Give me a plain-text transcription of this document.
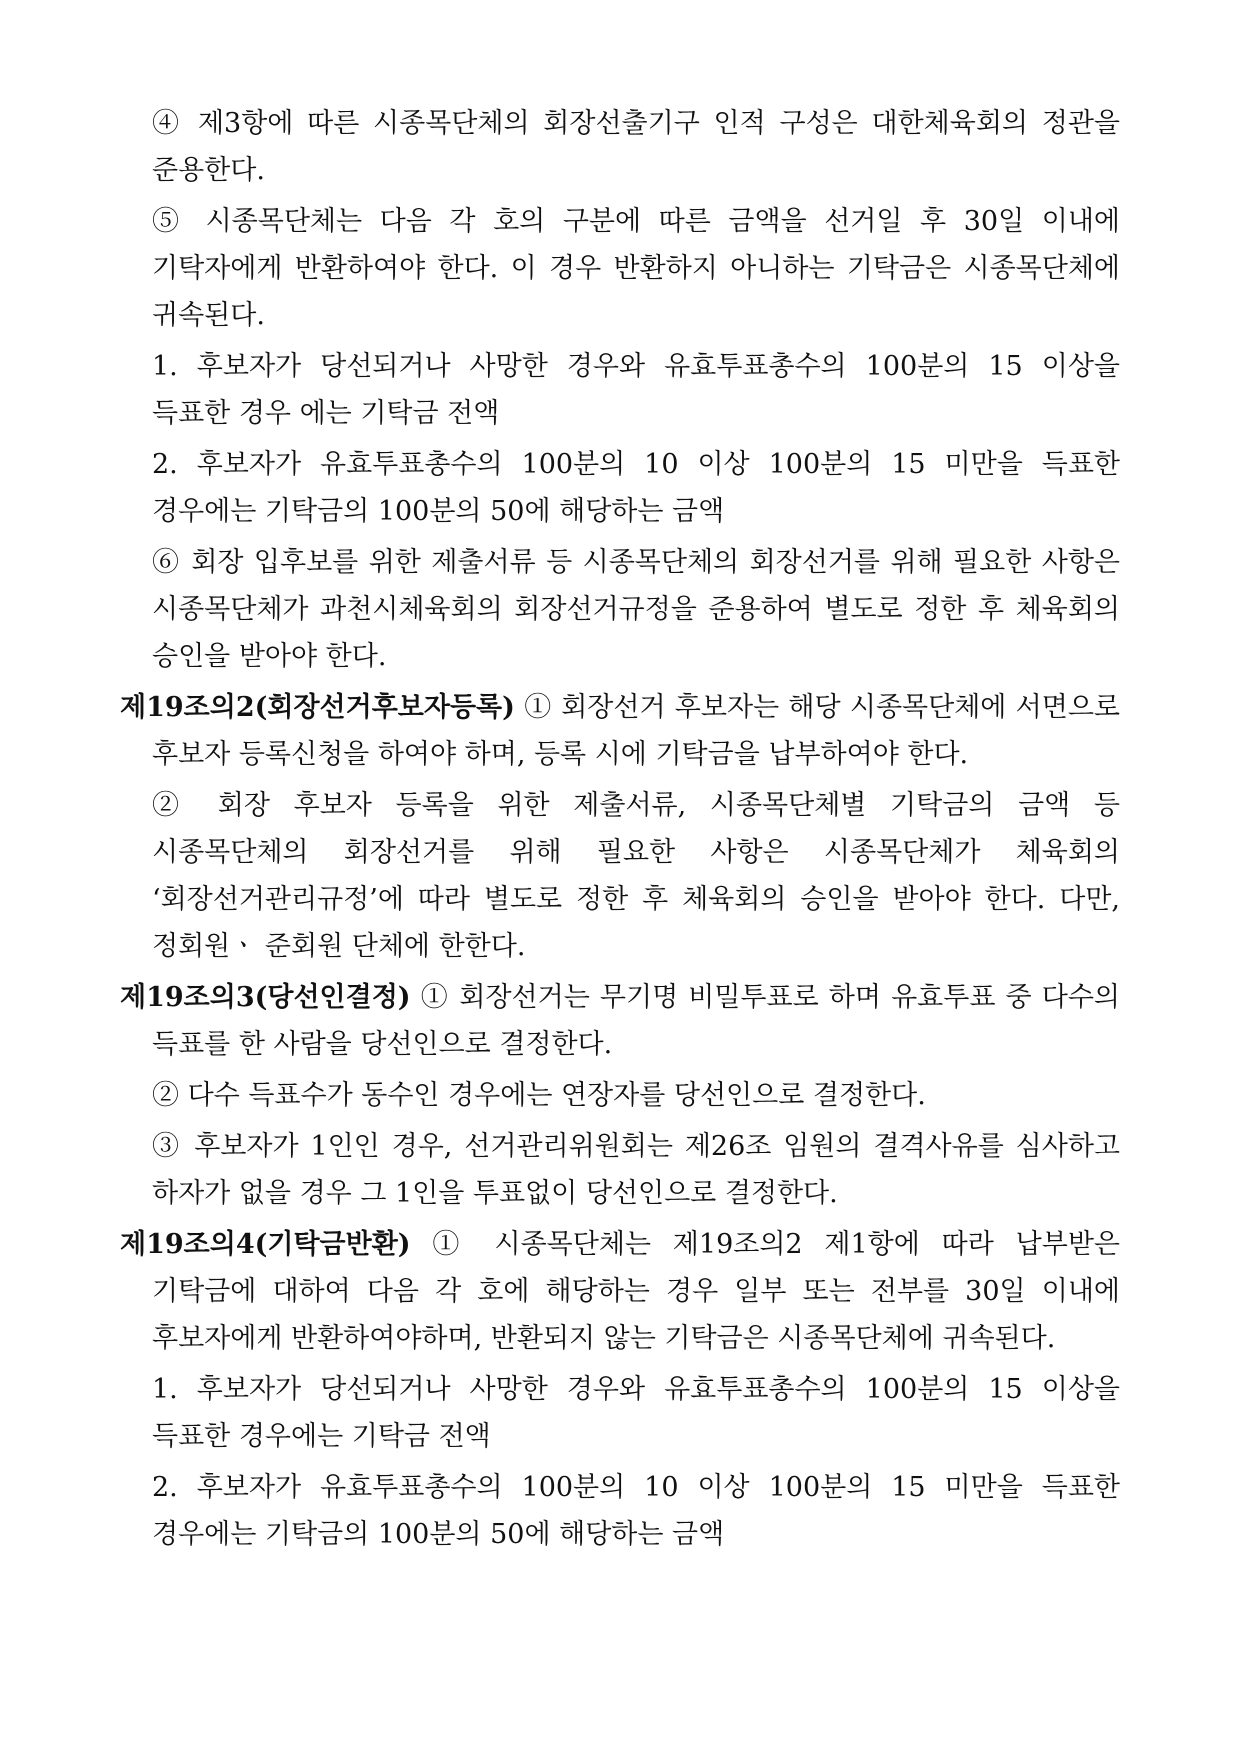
④ 제3항에 따른 시종목단체의 회장선출기구 인적 구성은 대한체육회의 정관을 준용한다.

⑤ 시종목단체는 다음 각 호의 구분에 따른 금액을 선거일 후 30일 이내에 기탁자에게 반환하여야 한다. 이 경우 반환하지 아니하는 기탁금은 시종목단체에 귀속된다.

1. 후보자가 당선되거나 사망한 경우와 유효투표총수의 100분의 15 이상을 득표한 경우 에는 기탁금 전액

2. 후보자가 유효투표총수의 100분의 10 이상 100분의 15 미만을 득표한 경우에는 기탁금의 100분의 50에 해당하는 금액

⑥ 회장 입후보를 위한 제출서류 등 시종목단체의 회장선거를 위해 필요한 사항은 시종목단체가 과천시체육회의 회장선거규정을 준용하여 별도로 정한 후 체육회의 승인을 받아야 한다.

제19조의2(회장선거후보자등록) ① 회장선거 후보자는 해당 시종목단체에 서면으로 후보자 등록신청을 하여야 하며, 등록 시에 기탁금을 납부하여야 한다.

② 회장 후보자 등록을 위한 제출서류, 시종목단체별 기탁금의 금액 등 시종목단체의 회장선거를 위해 필요한 사항은 시종목단체가 체육회의 ‘회장선거관리규정’에 따라 별도로 정한 후 체육회의 승인을 받아야 한다. 다만, 정회원ㆍ 준회원 단체에 한한다.

제19조의3(당선인결정) ① 회장선거는 무기명 비밀투표로 하며 유효투표 중 다수의 득표를 한 사람을 당선인으로 결정한다.

② 다수 득표수가 동수인 경우에는 연장자를 당선인으로 결정한다.

③ 후보자가 1인인 경우, 선거관리위원회는 제26조 임원의 결격사유를 심사하고 하자가 없을 경우 그 1인을 투표없이 당선인으로 결정한다.

제19조의4(기탁금반환) ① 시종목단체는 제19조의2 제1항에 따라 납부받은 기탁금에 대하여 다음 각 호에 해당하는 경우 일부 또는 전부를 30일 이내에 후보자에게 반환하여야하며, 반환되지 않는 기탁금은 시종목단체에 귀속된다.

1. 후보자가 당선되거나 사망한 경우와 유효투표총수의 100분의 15 이상을 득표한 경우에는 기탁금 전액

2. 후보자가 유효투표총수의 100분의 10 이상 100분의 15 미만을 득표한 경우에는 기탁금의 100분의 50에 해당하는 금액
